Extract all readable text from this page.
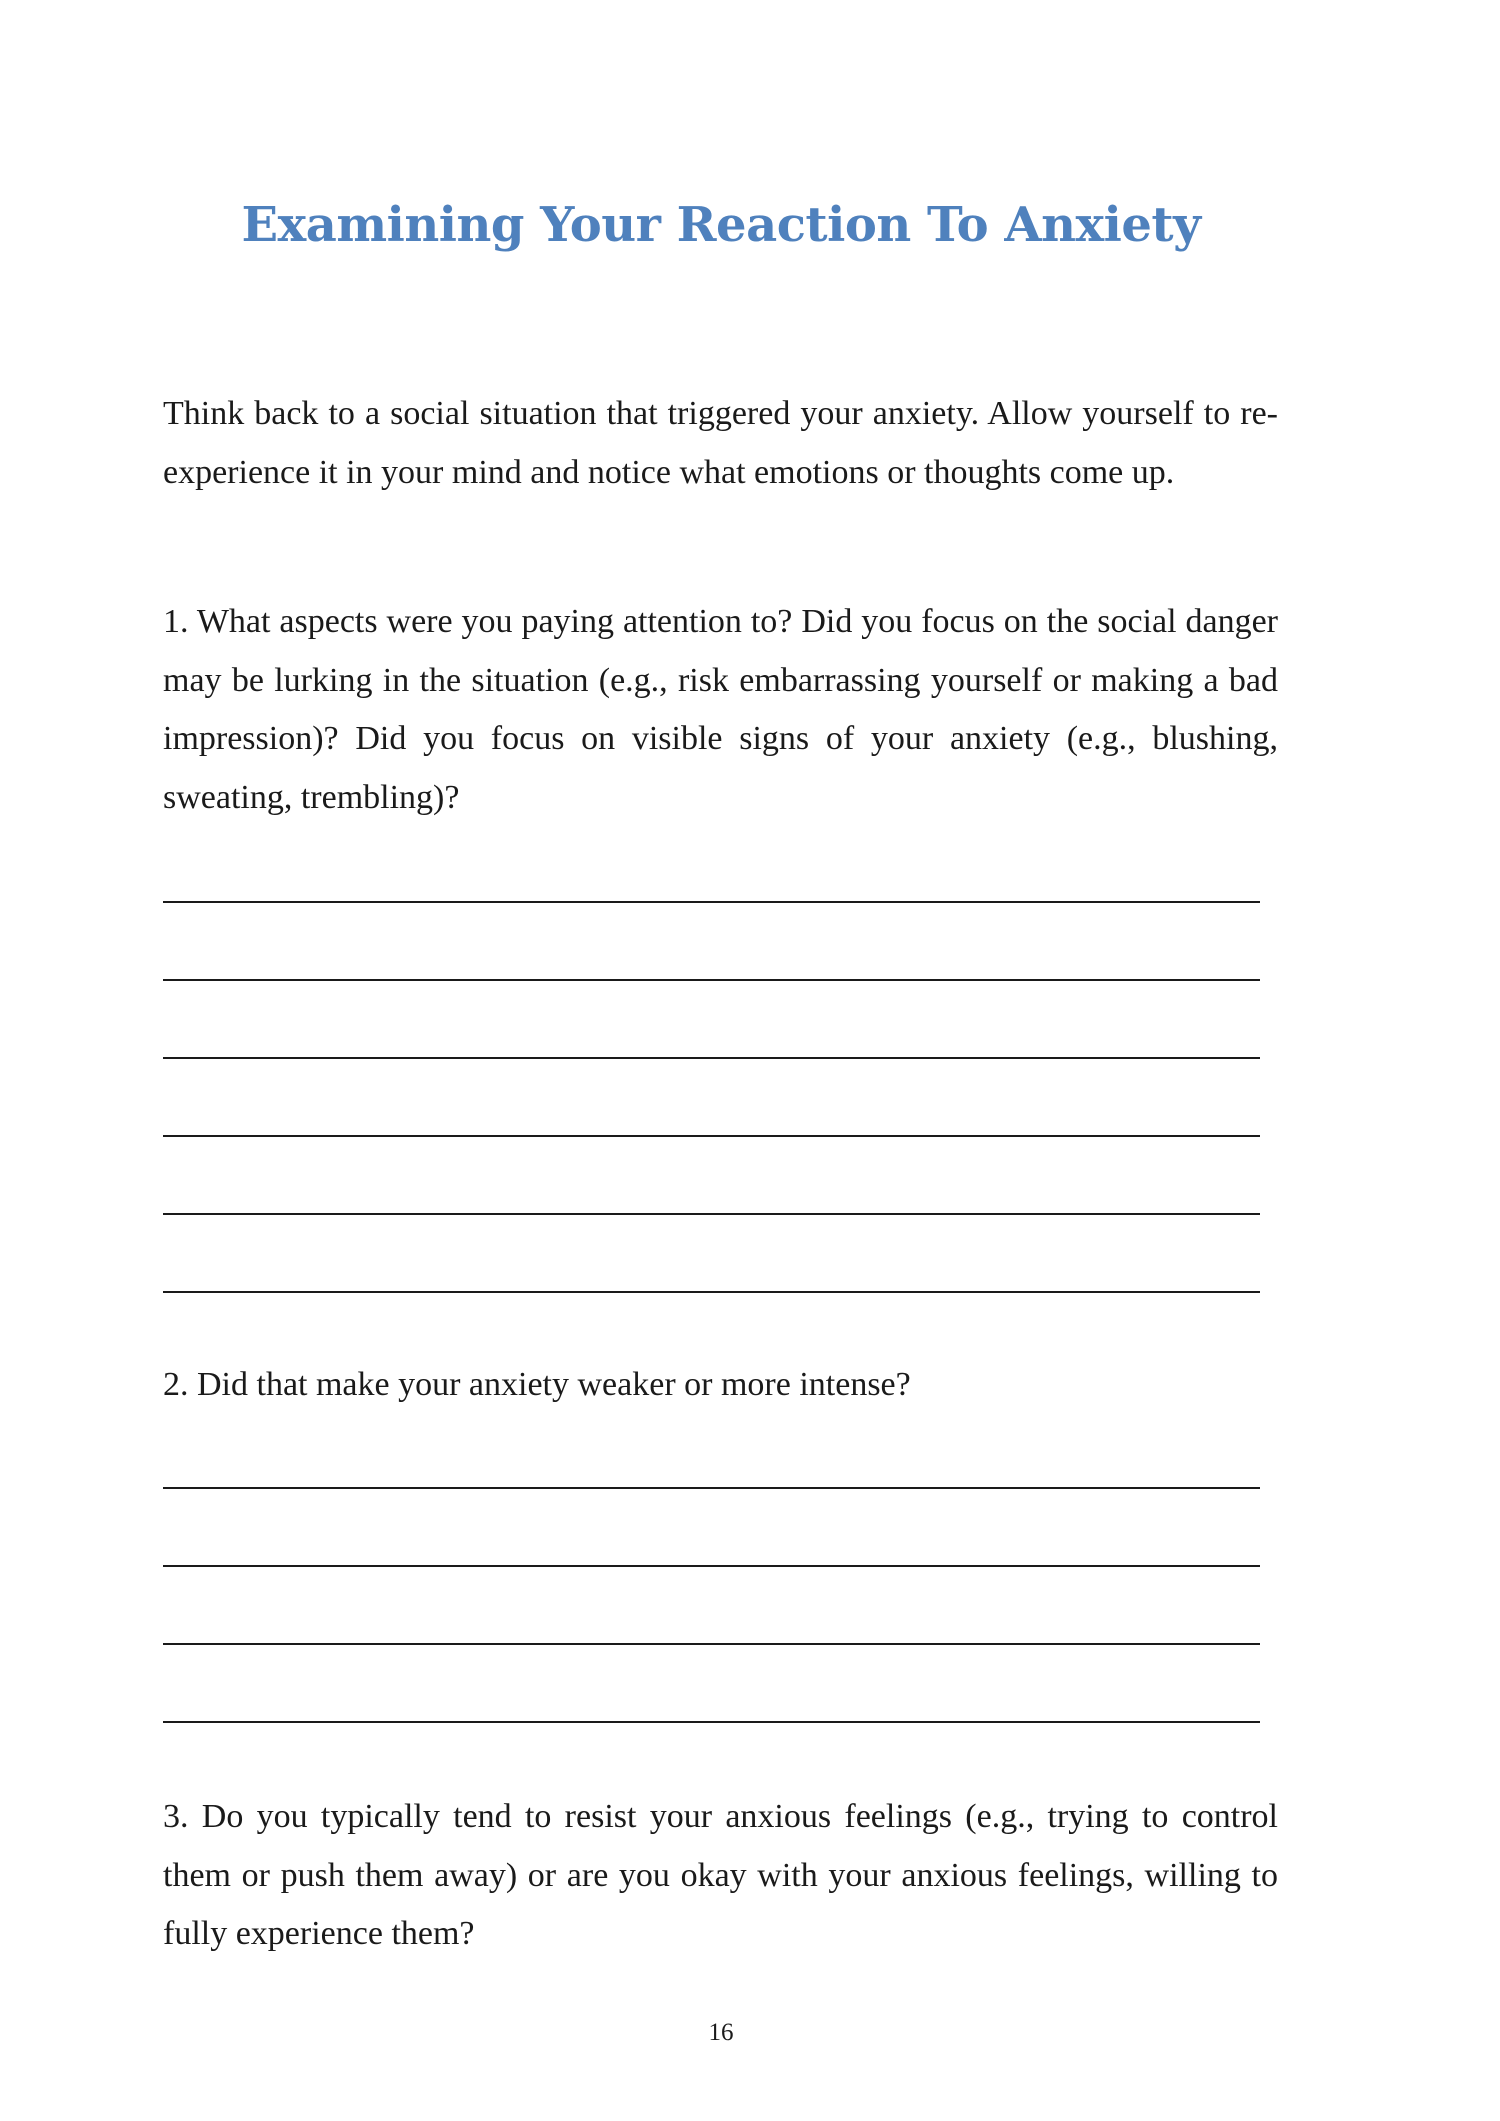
Examining Your Reaction To Anxiety

Think back to a social situation that triggered your anxiety. Allow yourself to re-experience it in your mind and notice what emotions or thoughts come up.

1. What aspects were you paying attention to? Did you focus on the social danger may be lurking in the situation (e.g., risk embarrassing yourself or making a bad impression)? Did you focus on visible signs of your anxiety (e.g., blushing, sweating, trembling)?

2. Did that make your anxiety weaker or more intense?

3. Do you typically tend to resist your anxious feelings (e.g., trying to control them or push them away) or are you okay with your anxious feelings, willing to fully experience them?

16
